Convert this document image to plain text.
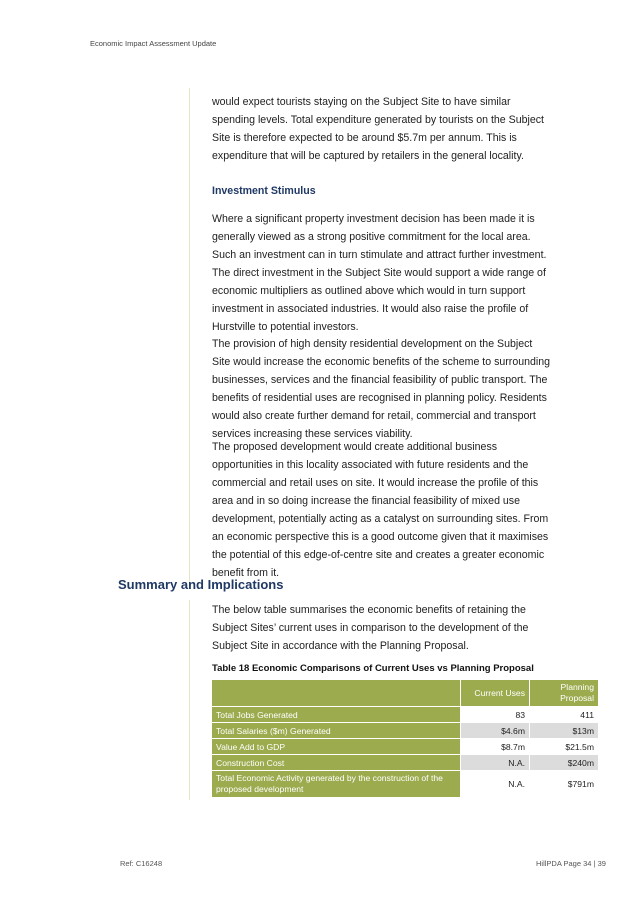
Economic Impact Assessment Update

would expect tourists staying on the Subject Site to have similar spending levels. Total expenditure generated by tourists on the Subject Site is therefore expected to be around $5.7m per annum. This is expenditure that will be captured by retailers in the general locality.

Investment Stimulus

Where a significant property investment decision has been made it is generally viewed as a strong positive commitment for the local area. Such an investment can in turn stimulate and attract further investment. The direct investment in the Subject Site would support a wide range of economic multipliers as outlined above which would in turn support investment in associated industries. It would also raise the profile of Hurstville to potential investors.

The provision of high density residential development on the Subject Site would increase the economic benefits of the scheme to surrounding businesses, services and the financial feasibility of public transport. The benefits of residential uses are recognised in planning policy. Residents would also create further demand for retail, commercial and transport services increasing these services viability.

The proposed development would create additional business opportunities in this locality associated with future residents and the commercial and retail uses on site. It would increase the profile of this area and in so doing increase the financial feasibility of mixed use development, potentially acting as a catalyst on surrounding sites. From an economic perspective this is a good outcome given that it maximises the potential of this edge-of-centre site and creates a greater economic benefit from it.

Summary and Implications

The below table summarises the economic benefits of retaining the Subject Sites’ current uses in comparison to the development of the Subject Site in accordance with the Planning Proposal.

Table 18 Economic Comparisons of Current Uses vs Planning Proposal
	Current Uses	Planning Proposal
Total Jobs Generated	83	411
Total Salaries ($m) Generated	$4.6m	$13m
Value Add to GDP	$8.7m	$21.5m
Construction Cost	N.A.	$240m
Total Economic Activity generated by the construction of the proposed development	N.A.	$791m
Ref: C16248	HillPDA Page 34 | 39
